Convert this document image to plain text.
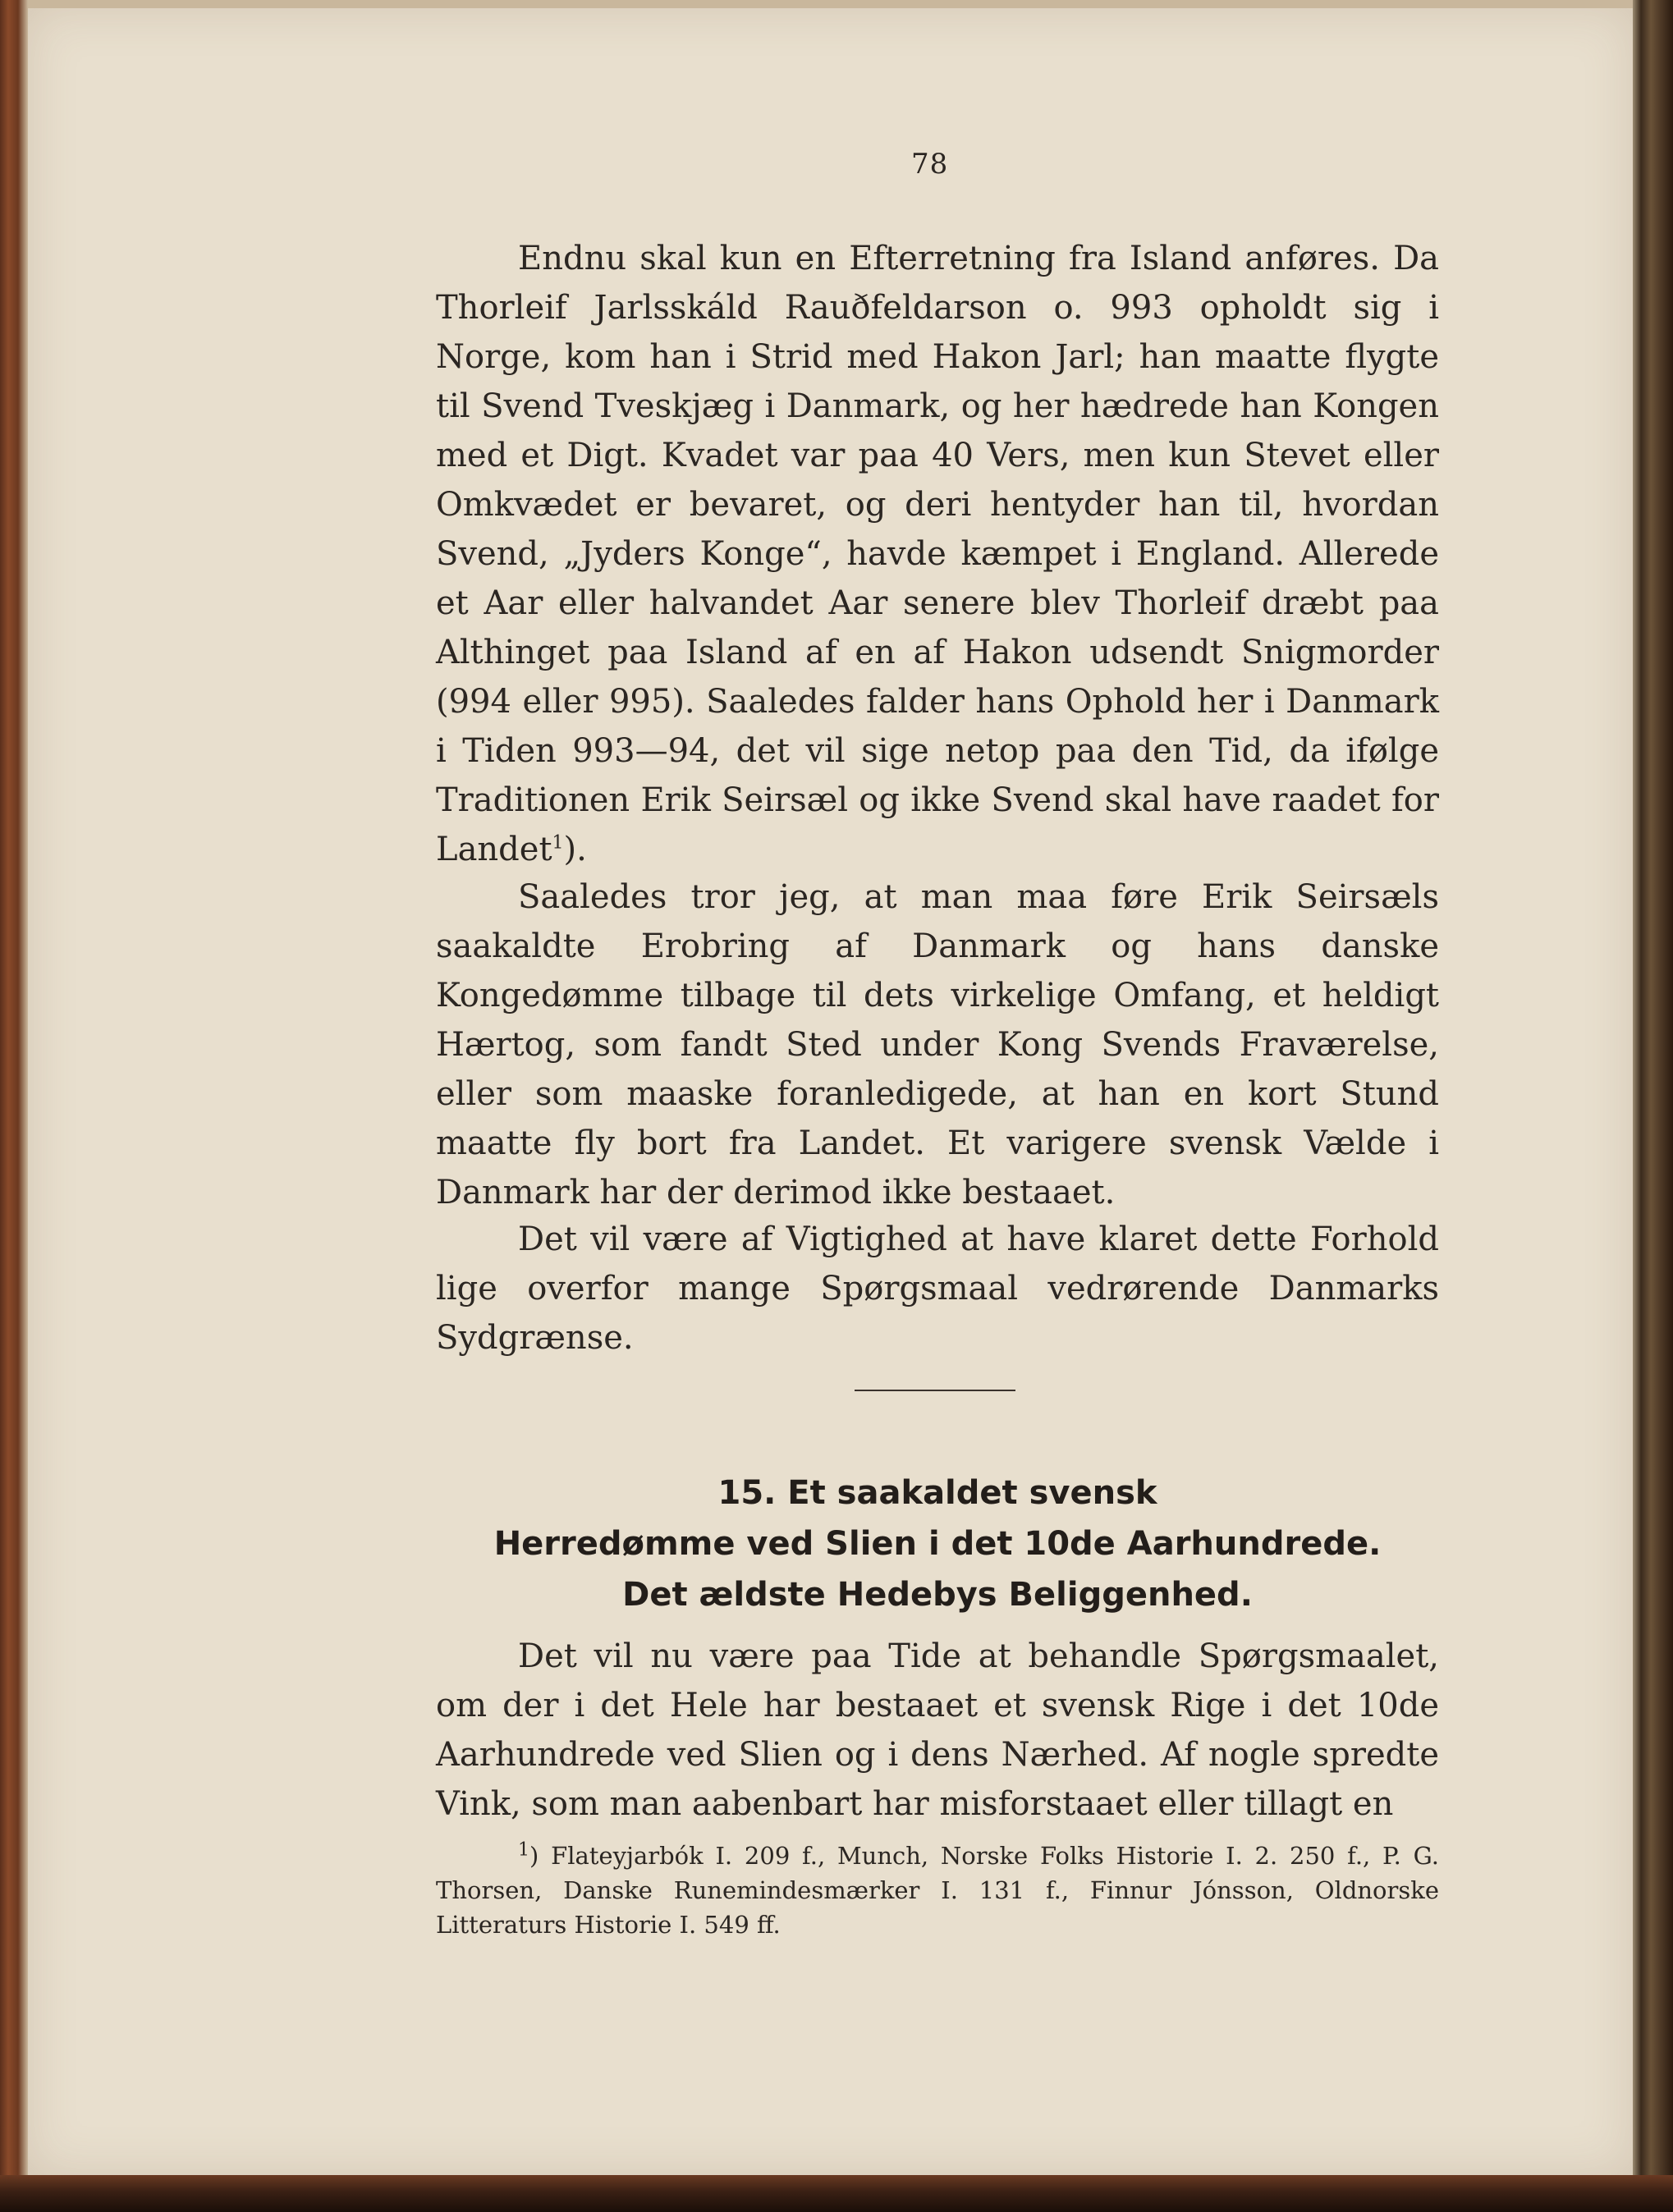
78

Endnu skal kun en Efterretning fra Island anføres. Da Thorleif Jarlsskáld Rauðfeldarson o. 993 opholdt sig i Norge, kom han i Strid med Hakon Jarl; han maatte flygte til Svend Tveskjæg i Danmark, og her hædrede han Kongen med et Digt. Kvadet var paa 40 Vers, men kun Stevet eller Omkvædet er bevaret, og deri hentyder han til, hvordan Svend, „Jyders Konge“, havde kæmpet i England. Allerede et Aar eller halvandet Aar senere blev Thorleif dræbt paa Althinget paa Island af en af Hakon udsendt Snigmorder (994 eller 995). Saaledes falder hans Ophold her i Danmark i Tiden 993—94, det vil sige netop paa den Tid, da ifølge Traditionen Erik Seirsæl og ikke Svend skal have raadet for Landet$^1$).

Saaledes tror jeg, at man maa føre Erik Seirsæls saakaldte Erobring af Danmark og hans danske Kongedømme tilbage til dets virkelige Omfang, et heldigt Hærtog, som fandt Sted under Kong Svends Fraværelse, eller som maaske foranledigede, at han en kort Stund maatte fly bort fra Landet. Et varigere svensk Vælde i Danmark har der derimod ikke bestaaet.

Det vil være af Vigtighed at have klaret dette Forhold lige overfor mange Spørgsmaal vedrørende Danmarks Sydgrænse.

Det vil nu være paa Tide at behandle Spørgsmaalet, om der i det Hele har bestaaet et svensk Rige i det 10de Aarhundrede ved Slien og i dens Nærhed. Af nogle spredte Vink, som man aabenbart har misforstaaet eller tillagt en

15. Et saakaldet svensk
Herredømme ved Slien i det 10de Aarhundrede.
Det ældste Hedebys Beliggenhed.

$^1$) Flateyjarbók I. 209 f., Munch, Norske Folks Historie I. 2. 250 f., P. G. Thorsen, Danske Runemindesmærker I. 131 f., Finnur Jónsson, Oldnorske Litteraturs Historie I. 549 ff.
